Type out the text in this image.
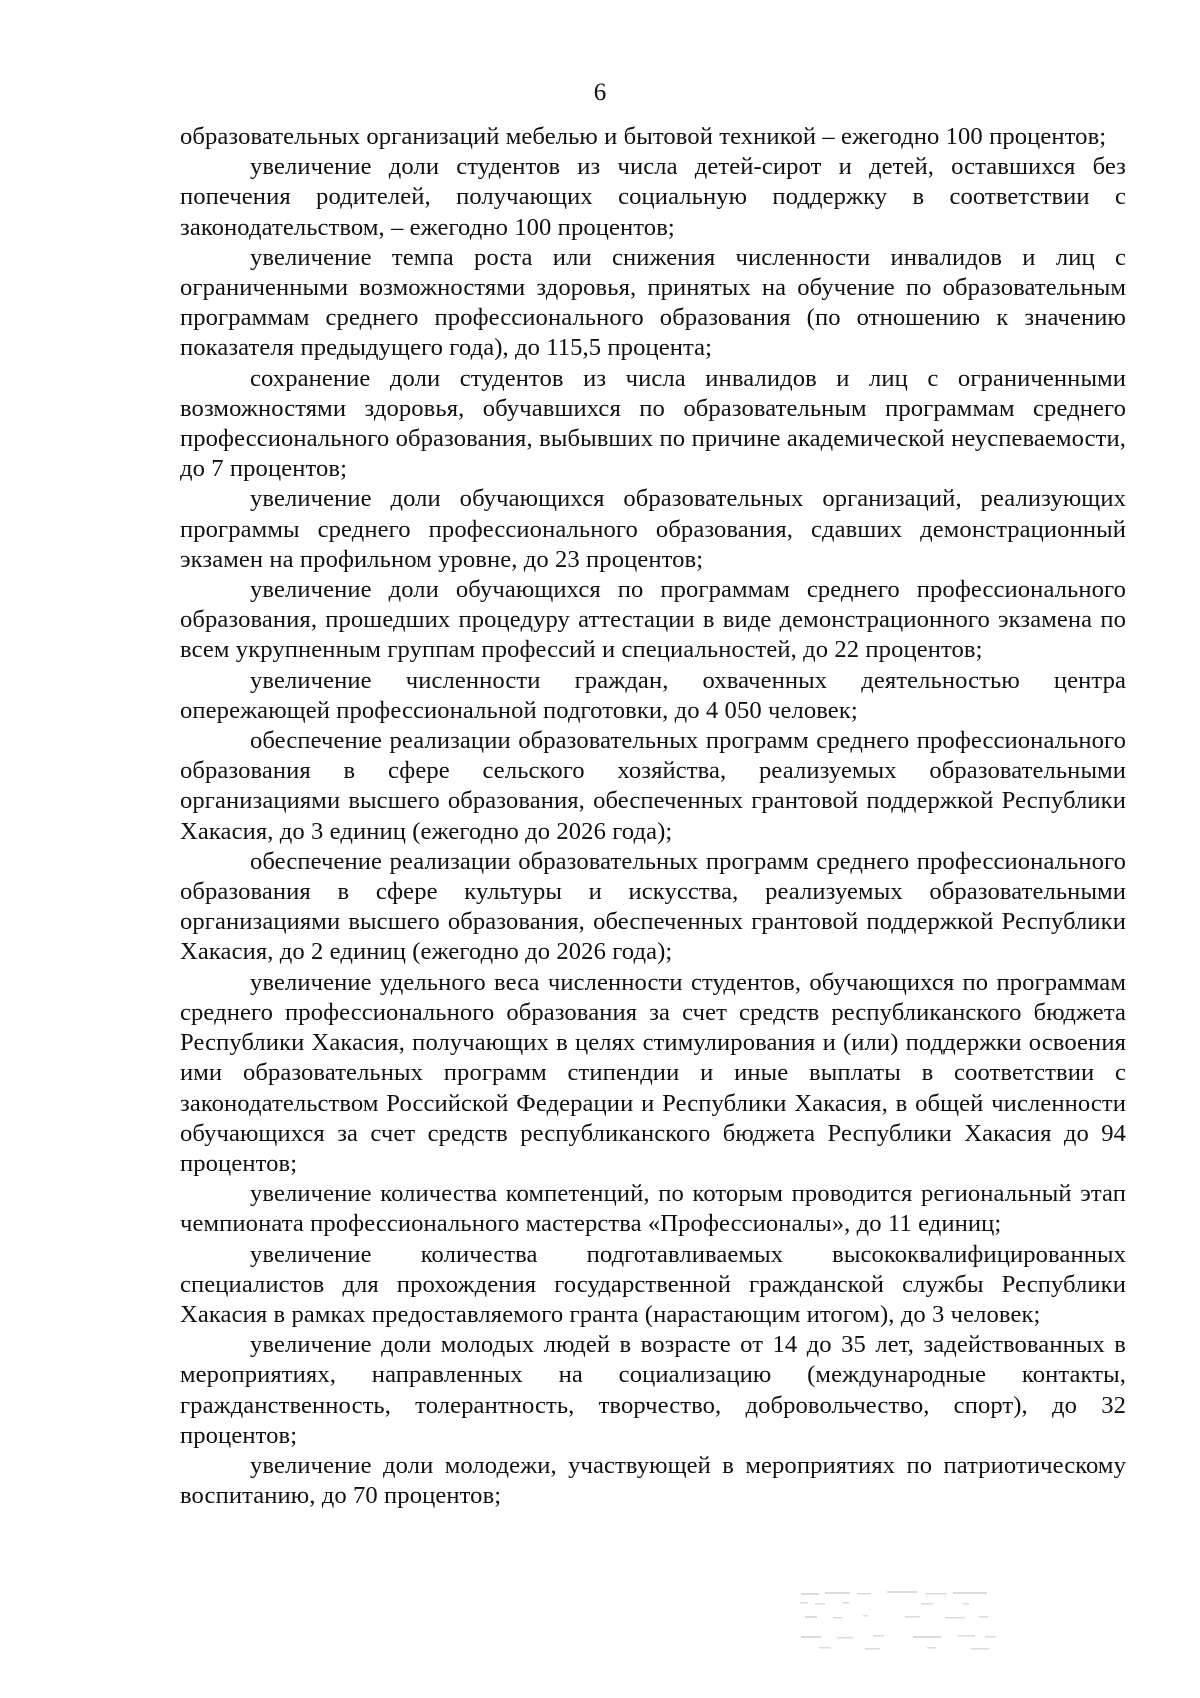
6

образовательных организаций мебелью и бытовой техникой – ежегодно 100 процентов;

увеличение доли студентов из числа детей-сирот и детей, оставшихся без попечения родителей, получающих социальную поддержку в соответствии с законодательством, – ежегодно 100 процентов;

увеличение темпа роста или снижения численности инвалидов и лиц с ограниченными возможностями здоровья, принятых на обучение по образовательным программам среднего профессионального образования (по отношению к значению показателя предыдущего года), до 115,5 процента;

сохранение доли студентов из числа инвалидов и лиц с ограниченными возможностями здоровья, обучавшихся по образовательным программам среднего профессионального образования, выбывших по причине академической неуспеваемости, до 7 процентов;

увеличение доли обучающихся образовательных организаций, реализующих программы среднего профессионального образования, сдавших демонстрационный экзамен на профильном уровне, до 23 процентов;

увеличение доли обучающихся по программам среднего профессионального образования, прошедших процедуру аттестации в виде демонстрационного экзамена по всем укрупненным группам профессий и специальностей, до 22 процентов;

увеличение численности граждан, охваченных деятельностью центра опережающей профессиональной подготовки, до 4 050 человек;

обеспечение реализации образовательных программ среднего профессионального образования в сфере сельского хозяйства, реализуемых образовательными организациями высшего образования, обеспеченных грантовой поддержкой Республики Хакасия, до 3 единиц (ежегодно до 2026 года);

обеспечение реализации образовательных программ среднего профессионального образования в сфере культуры и искусства, реализуемых образовательными организациями высшего образования, обеспеченных грантовой поддержкой Республики Хакасия, до 2 единиц (ежегодно до 2026 года);

увеличение удельного веса численности студентов, обучающихся по программам среднего профессионального образования за счет средств республиканского бюджета Республики Хакасия, получающих в целях стимулирования и (или) поддержки освоения ими образовательных программ стипендии и иные выплаты в соответствии с законодательством Российской Федерации и Республики Хакасия, в общей численности обучающихся за счет средств республиканского бюджета Республики Хакасия до 94 процентов;

увеличение количества компетенций, по которым проводится региональный этап чемпионата профессионального мастерства «Профессионалы», до 11 единиц;

увеличение количества подготавливаемых высококвалифицированных специалистов для прохождения государственной гражданской службы Республики Хакасия в рамках предоставляемого гранта (нарастающим итогом), до 3 человек;

увеличение доли молодых людей в возрасте от 14 до 35 лет, задействованных в мероприятиях, направленных на социализацию (международные контакты, гражданственность, толерантность, творчество, добровольчество, спорт), до 32 процентов;

увеличение доли молодежи, участвующей в мероприятиях по патриотическому воспитанию, до 70 процентов;
